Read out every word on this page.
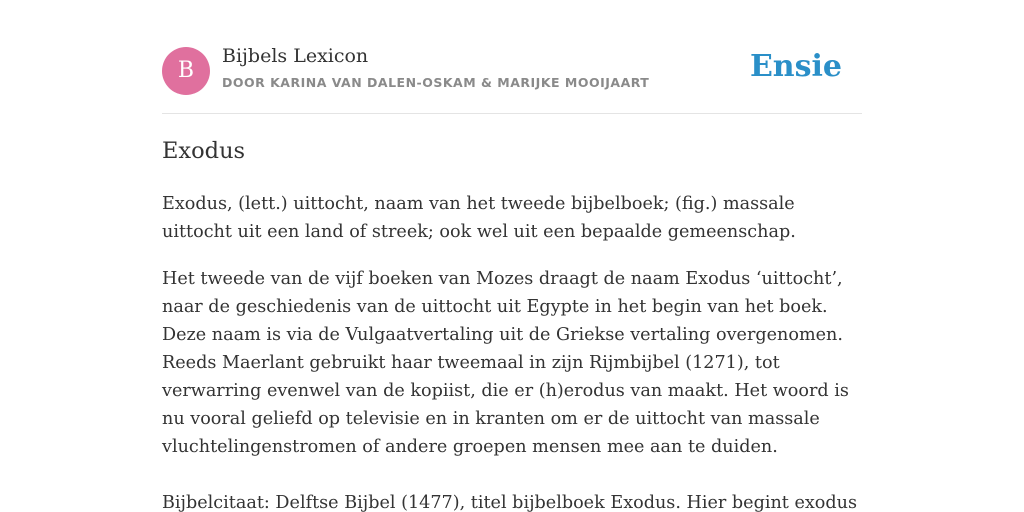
B
Bijbels Lexicon
DOOR KARINA VAN DALEN-OSKAM & MARIJKE MOOIJAART	Ensie
Exodus

Exodus, (lett.) uittocht, naam van het tweede bijbelboek; (fig.) massale uittocht uit een land of streek; ook wel uit een bepaalde gemeenschap.

Het tweede van de vijf boeken van Mozes draagt de naam Exodus ‘uittocht’, naar de geschiedenis van de uittocht uit Egypte in het begin van het boek. Deze naam is via de Vulgaatvertaling uit de Griekse vertaling overgenomen. Reeds Maerlant gebruikt haar tweemaal in zijn Rijmbijbel (1271), tot verwarring evenwel van de kopiist, die er (h)erodus van maakt. Het woord is nu vooral geliefd op televisie en in kranten om er de uittocht van massale vluchtelingenstromen of andere groepen mensen mee aan te duiden.

Bijbelcitaat: Delftse Bijbel (1477), titel bijbelboek Exodus. Hier begint exodus
